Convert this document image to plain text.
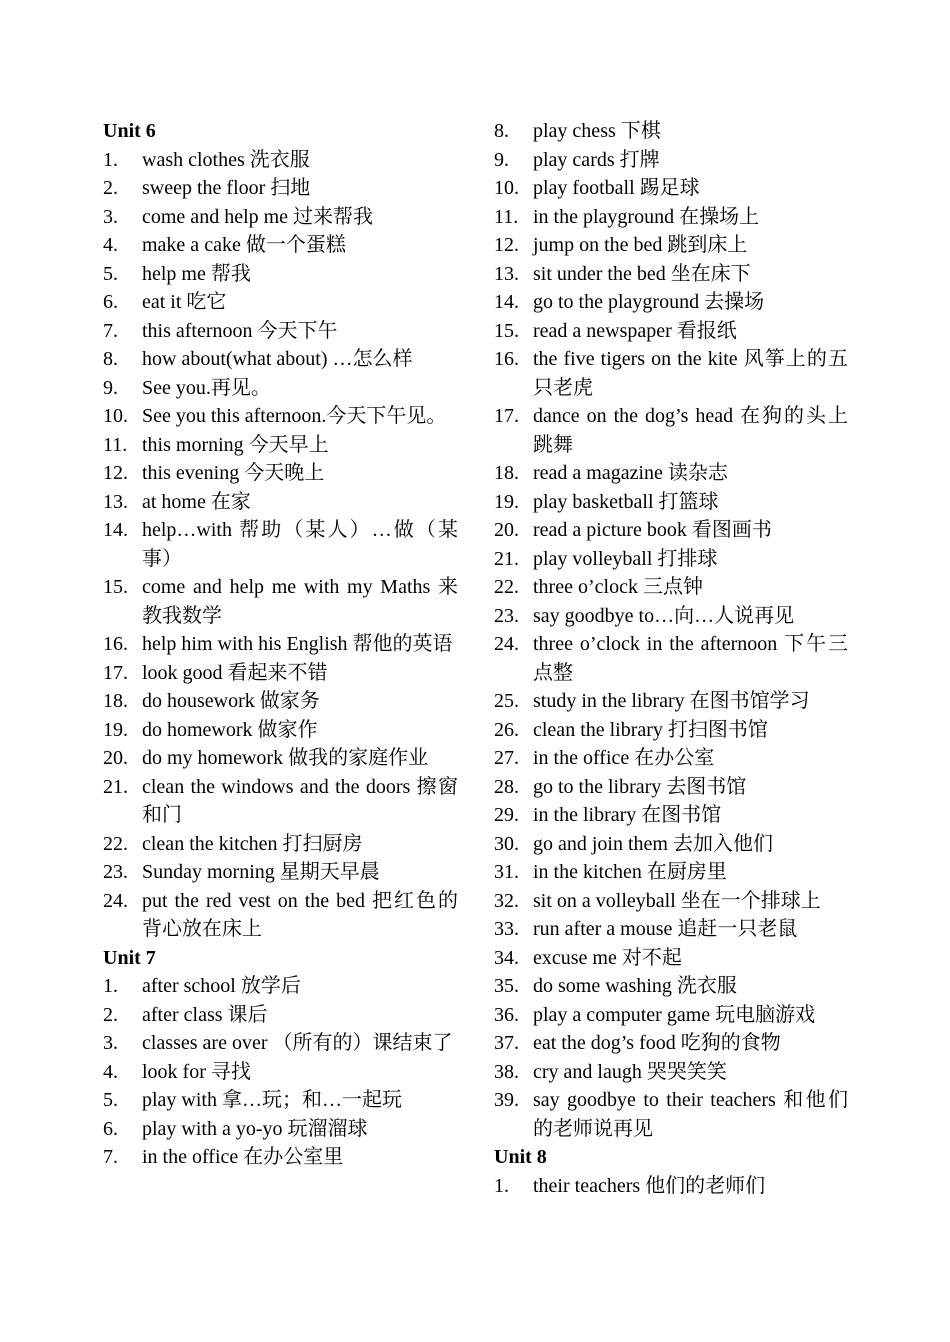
Unit 6
1.	wash clothes 洗衣服
2.	sweep the floor 扫地
3.	come and help me 过来帮我
4.	make a cake 做一个蛋糕
5.	help me 帮我
6.	eat it 吃它
7.	this afternoon 今天下午
8.	how about(what about) …怎么样
9.	See you.再见。
10. See you this afternoon.今天下午见。
11. this morning 今天早上
12. this evening 今天晚上
13. at home 在家
14. help…with 帮助（某人）…做（某事）
15. come and help me with my Maths 来教我数学
16. help him with his English 帮他的英语
17. look good 看起来不错
18. do housework 做家务
19. do homework 做家作
20. do my homework 做我的家庭作业
21. clean the windows and the doors 擦窗和门
22. clean the kitchen 打扫厨房
23. Sunday morning 星期天早晨
24. put the red vest on the bed 把红色的背心放在床上
Unit 7
1.	after school 放学后
2.	after class 课后
3.	classes are over （所有的）课结束了
4.	look for 寻找
5.	play with 拿…玩；和…一起玩
6.	play with a yo-yo 玩溜溜球
7.	in the office 在办公室里
8.	play chess 下棋
9.	play cards 打牌
10. play football 踢足球
11. in the playground 在操场上
12. jump on the bed 跳到床上
13. sit under the bed 坐在床下
14. go to the playground 去操场
15. read a newspaper 看报纸
16. the five tigers on the kite 风筝上的五只老虎
17. dance on the dog’s head 在狗的头上跳舞
18. read a magazine 读杂志
19. play basketball 打篮球
20. read a picture book 看图画书
21. play volleyball 打排球
22. three o’clock 三点钟
23. say goodbye to…向…人说再见
24. three o’clock in the afternoon 下午三点整
25. study in the library 在图书馆学习
26. clean the library 打扫图书馆
27. in the office 在办公室
28. go to the library 去图书馆
29. in the library 在图书馆
30. go and join them 去加入他们
31. in the kitchen 在厨房里
32. sit on a volleyball 坐在一个排球上
33. run after a mouse 追赶一只老鼠
34. excuse me 对不起
35. do some washing 洗衣服
36. play a computer game 玩电脑游戏
37. eat the dog’s food 吃狗的食物
38. cry and laugh 哭哭笑笑
39. say goodbye to their teachers 和他们的老师说再见
Unit 8
1.	their teachers 他们的老师们
